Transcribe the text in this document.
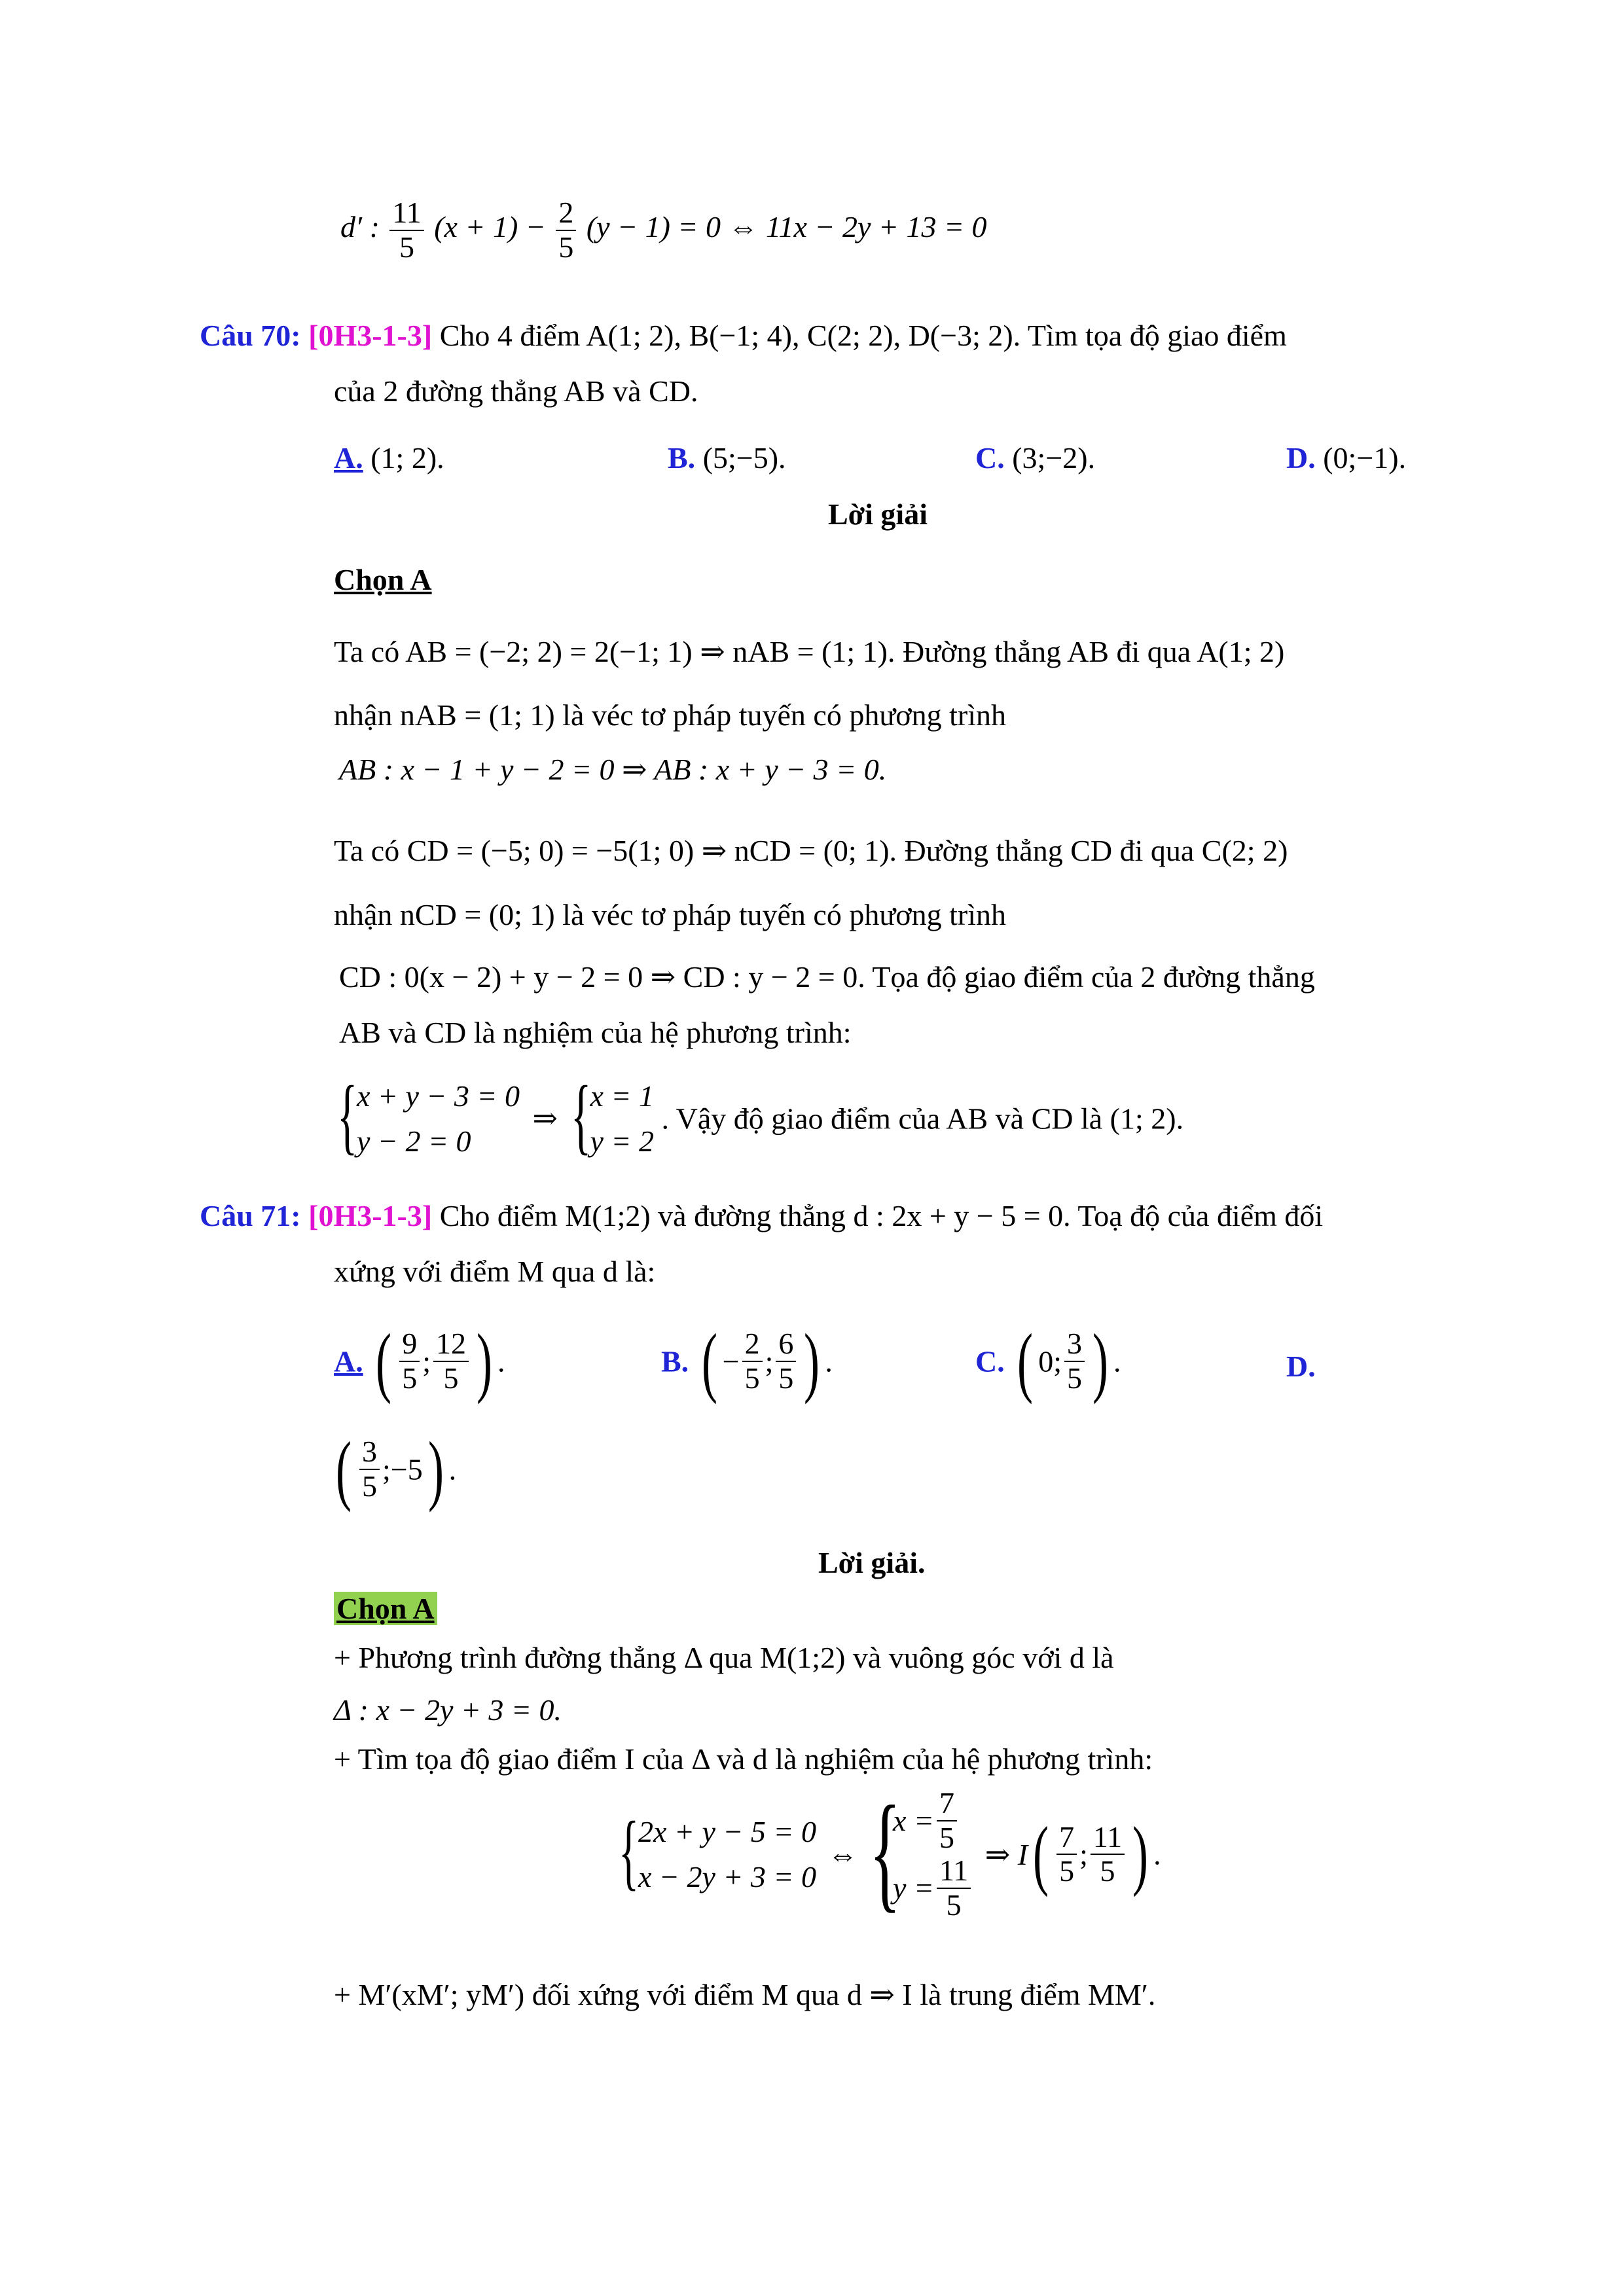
d′ : $\frac{11}{5} (x + 1) - \frac{2}{5} (y - 1) = 0$ ⇔ 11x − 2y + 13 = 0
Câu 70: [0H3-1-3] Cho 4 điểm A(1; 2), B(−1; 4), C(2; 2), D(−3; 2). Tìm tọa độ giao điểm
của 2 đường thẳng AB và CD.
A. (1; 2).	B. (5;−5).	C. (3;−2).	D. (0;−1).
Lời giải
Chọn A
Ta có AB = (−2; 2) = 2(−1; 1) ⇒ nAB = (1; 1). Đường thẳng AB đi qua A(1; 2)
nhận nAB = (1; 1) là véc tơ pháp tuyến có phương trình
AB : x − 1 + y − 2 = 0 ⇒ AB : x + y − 3 = 0.
Ta có CD = (−5; 0) = −5(1; 0) ⇒ nCD = (0; 1). Đường thẳng CD đi qua C(2; 2)
nhận nCD = (0; 1) là véc tơ pháp tuyến có phương trình
CD : 0(x − 2) + y − 2 = 0 ⇒ CD : y − 2 = 0. Tọa độ giao điểm của 2 đường thẳng
AB và CD là nghiệm của hệ phương trình:
{
x + y − 3 = 0
y − 2 = 0
⇒ {
x = 1
y = 2
. Vậy độ giao điểm của AB và CD là (1; 2).
Câu 71: [0H3-1-3] Cho điểm M(1;2) và đường thẳng d : 2x + y − 5 = 0. Toạ độ của điểm đối
xứng với điểm M qua d là:
A. ( $\frac{9}{5}$ ; $\frac{12}{5}$ ) .	B. ( − $\frac{2}{5}$ ; $\frac{6}{5}$ ) .	C. ( 0; $\frac{3}{5}$ ) .	D.
( $\frac{3}{5}$ ;−5) .
Lời giải.
Chọn A
+ Phương trình đường thẳng Δ qua M(1;2) và vuông góc với d là
Δ : x − 2y + 3 = 0.
+ Tìm tọa độ giao điểm I của Δ và d là nghiệm của hệ phương trình:
{
2x + y − 5 = 0
x − 2y + 3 = 0
⇔ {
$x = \frac{7}{5}$
$y = \frac{11}{5}$
⇒ $I( \frac{7}{5}$ ; $\frac{11}{5}$ ) .
+ M′(xM′; yM′) đối xứng với điểm M qua d ⇒ I là trung điểm MM′.
